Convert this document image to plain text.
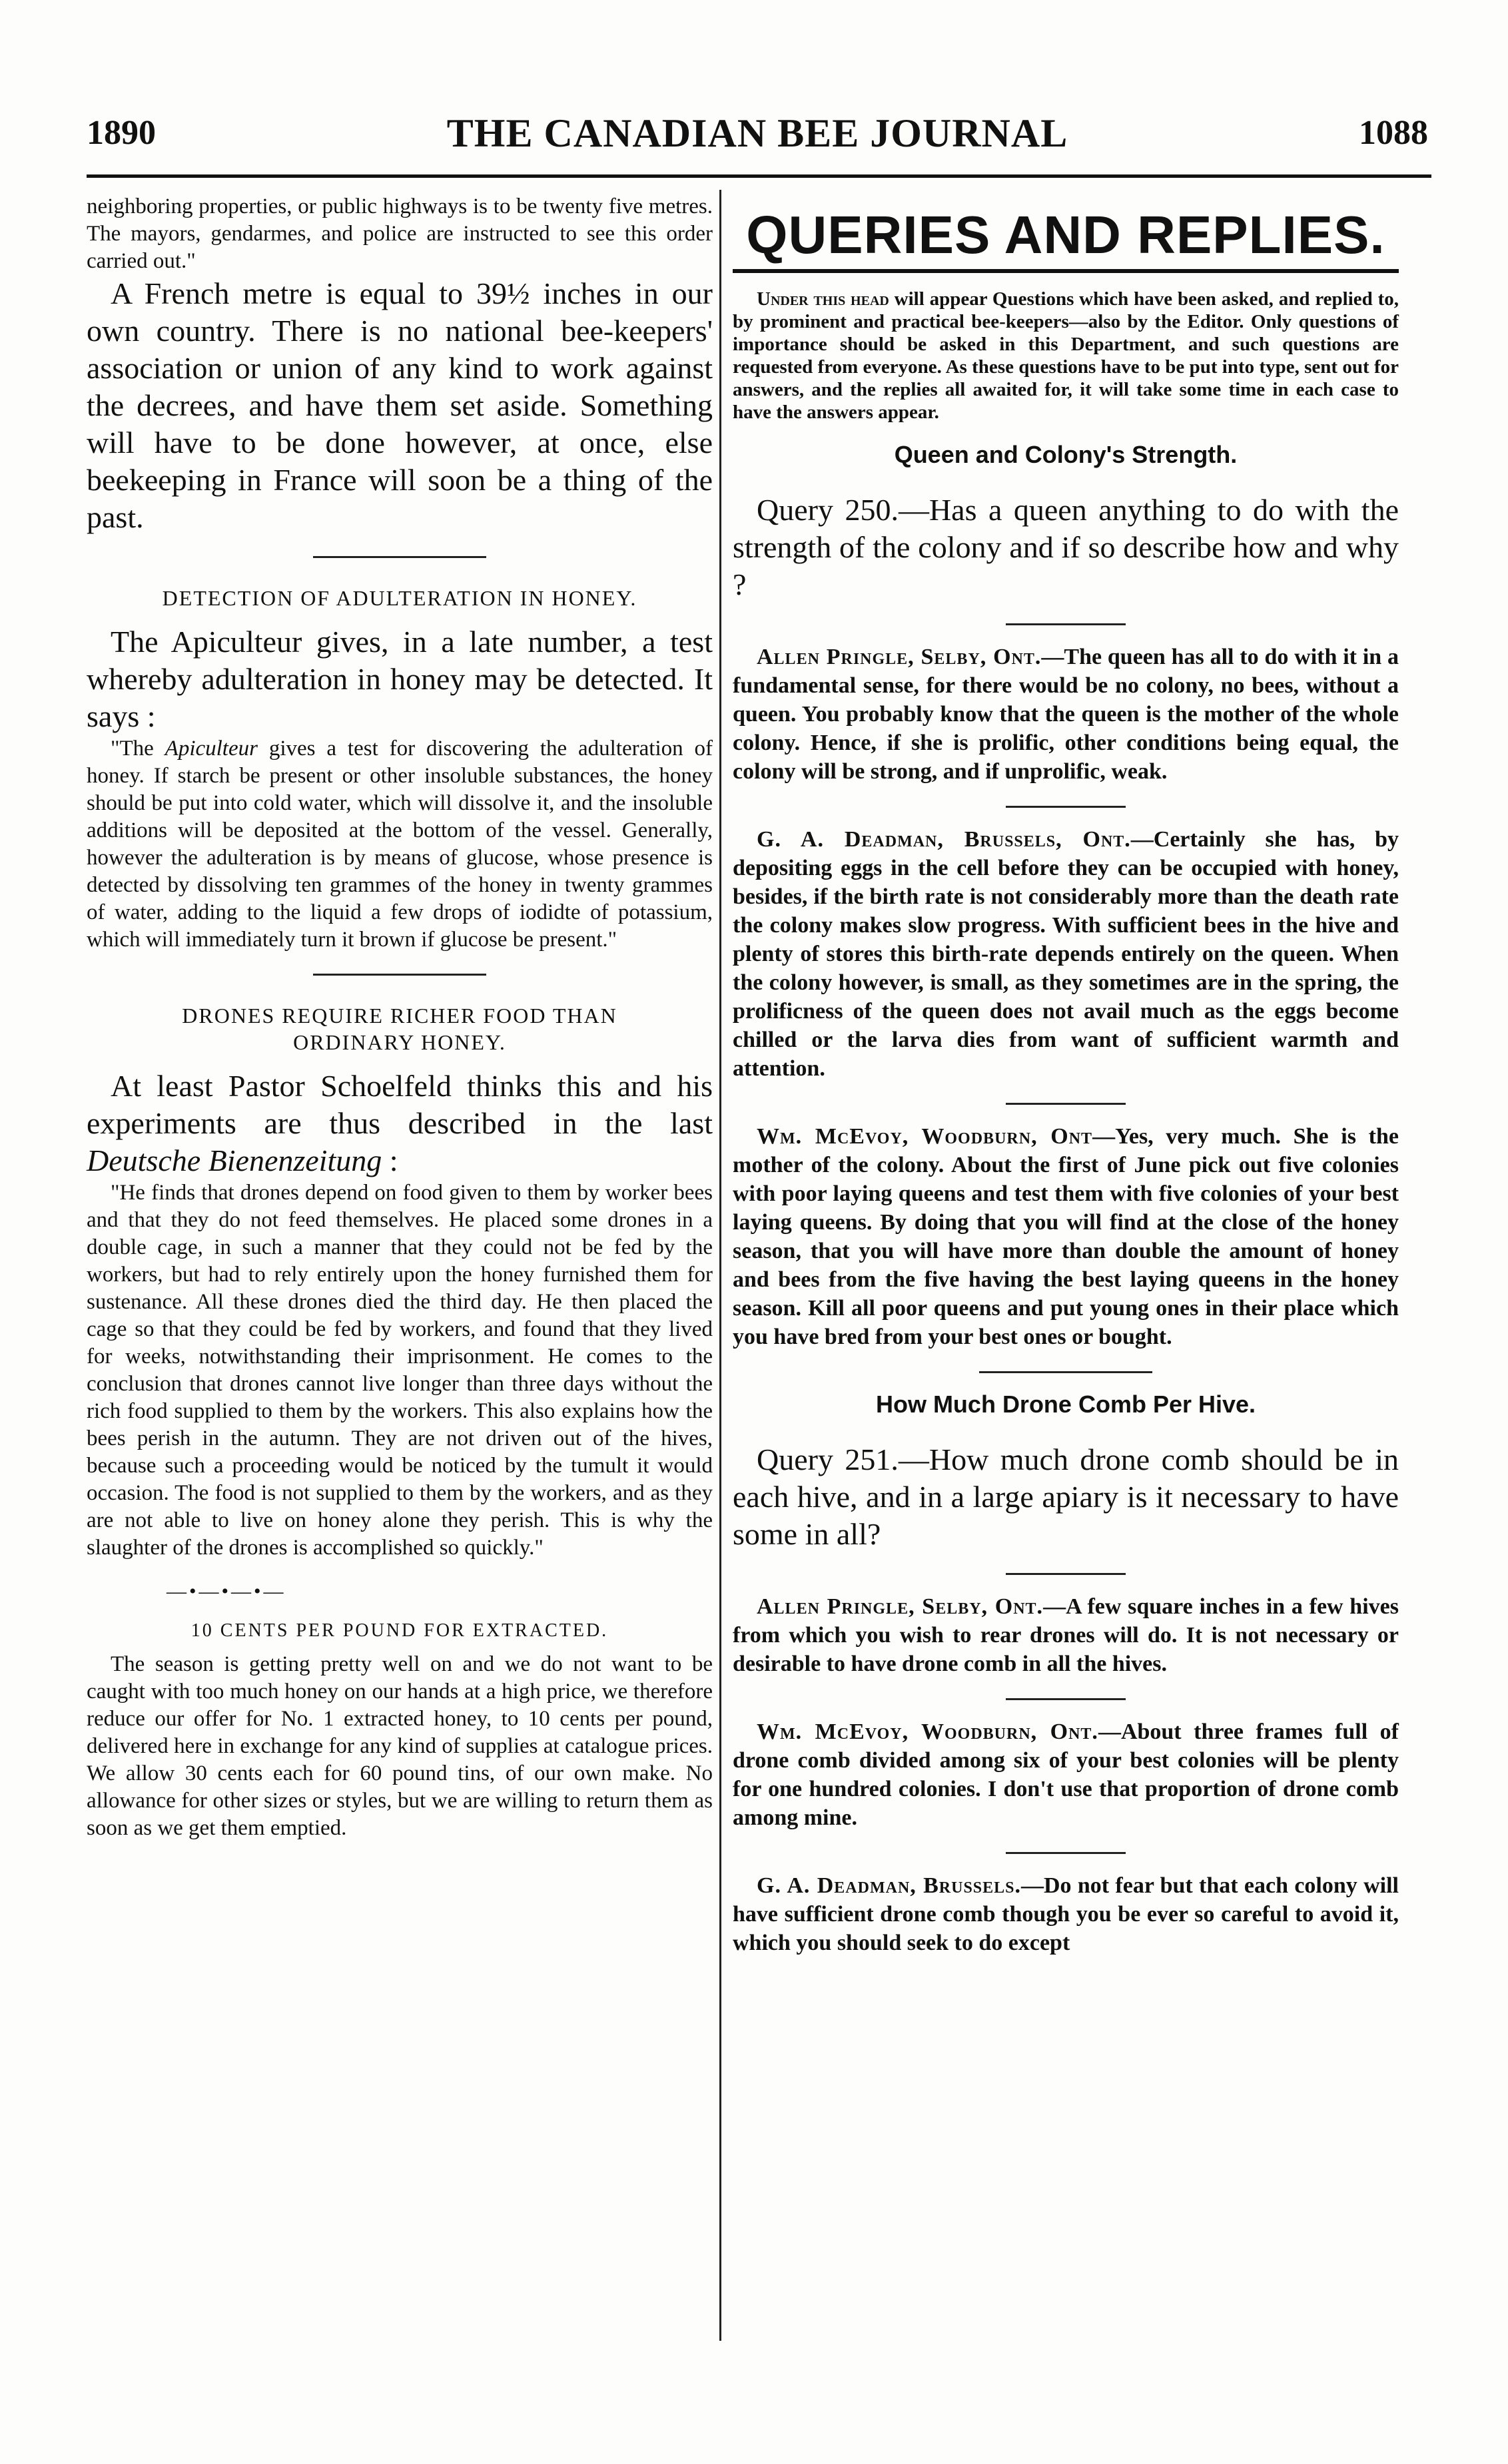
1890	THE CANADIAN BEE JOURNAL	1088

neighboring properties, or public highways is to be twenty five metres. The mayors, gendarmes, and police are instructed to see this order carried out."

A French metre is equal to 39½ inches in our own country. There is no national bee-keepers' association or union of any kind to work against the decrees, and have them set aside. Something will have to be done however, at once, else beekeeping in France will soon be a thing of the past.

DETECTION OF ADULTERATION IN HONEY.

The Apiculteur gives, in a late number, a test whereby adulteration in honey may be detected. It says :

"The Apiculteur gives a test for discovering the adulteration of honey. If starch be present or other insoluble substances, the honey should be put into cold water, which will dissolve it, and the insoluble additions will be deposited at the bottom of the vessel. Generally, however the adulteration is by means of glucose, whose presence is detected by dissolving ten grammes of the honey in twenty grammes of water, adding to the liquid a few drops of iodidte of potassium, which will immediately turn it brown if glucose be present."

DRONES REQUIRE RICHER FOOD THAN
ORDINARY HONEY.

At least Pastor Schoelfeld thinks this and his experiments are thus described in the last Deutsche Bienenzeitung :

"He finds that drones depend on food given to them by worker bees and that they do not feed themselves. He placed some drones in a double cage, in such a manner that they could not be fed by the workers, but had to rely entirely upon the honey furnished them for sustenance. All these drones died the third day. He then placed the cage so that they could be fed by workers, and found that they lived for weeks, notwithstanding their imprisonment. He comes to the conclusion that drones cannot live longer than three days without the rich food supplied to them by the workers. This also explains how the bees perish in the autumn. They are not driven out of the hives, because such a proceeding would be noticed by the tumult it would occasion. The food is not supplied to them by the workers, and as they are not able to live on honey alone they perish. This is why the slaughter of the drones is accomplished so quickly."

—•—•—•—
10 CENTS PER POUND FOR EXTRACTED.

The season is getting pretty well on and we do not want to be caught with too much honey on our hands at a high price, we therefore reduce our offer for No. 1 extracted honey, to 10 cents per pound, delivered here in exchange for any kind of supplies at catalogue prices. We allow 30 cents each for 60 pound tins, of our own make. No allowance for other sizes or styles, but we are willing to return them as soon as we get them emptied.

QUERIES AND REPLIES.

Under this head will appear Questions which have been asked, and replied to, by prominent and practical bee-keepers—also by the Editor. Only questions of importance should be asked in this Department, and such questions are requested from everyone. As these questions have to be put into type, sent out for answers, and the replies all awaited for, it will take some time in each case to have the answers appear.

Queen and Colony's Strength.

Query 250.—Has a queen anything to do with the strength of the colony and if so describe how and why ?

Allen Pringle, Selby, Ont.—The queen has all to do with it in a fundamental sense, for there would be no colony, no bees, without a queen. You probably know that the queen is the mother of the whole colony. Hence, if she is prolific, other conditions being equal, the colony will be strong, and if unprolific, weak.

G. A. Deadman, Brussels, Ont.—Certainly she has, by depositing eggs in the cell before they can be occupied with honey, besides, if the birth rate is not considerably more than the death rate the colony makes slow progress. With sufficient bees in the hive and plenty of stores this birth-rate depends entirely on the queen. When the colony however, is small, as they sometimes are in the spring, the prolificness of the queen does not avail much as the eggs become chilled or the larva dies from want of sufficient warmth and attention.

Wm. McEvoy, Woodburn, Ont—Yes, very much. She is the mother of the colony. About the first of June pick out five colonies with poor laying queens and test them with five colonies of your best laying queens. By doing that you will find at the close of the honey season, that you will have more than double the amount of honey and bees from the five having the best laying queens in the honey season. Kill all poor queens and put young ones in their place which you have bred from your best ones or bought.

How Much Drone Comb Per Hive.

Query 251.—How much drone comb should be in each hive, and in a large apiary is it necessary to have some in all?

Allen Pringle, Selby, Ont.—A few square inches in a few hives from which you wish to rear drones will do. It is not necessary or desirable to have drone comb in all the hives.

Wm. McEvoy, Woodburn, Ont.—About three frames full of drone comb divided among six of your best colonies will be plenty for one hundred colonies. I don't use that proportion of drone comb among mine.

G. A. Deadman, Brussels.—Do not fear but that each colony will have sufficient drone comb though you be ever so careful to avoid it, which you should seek to do except
